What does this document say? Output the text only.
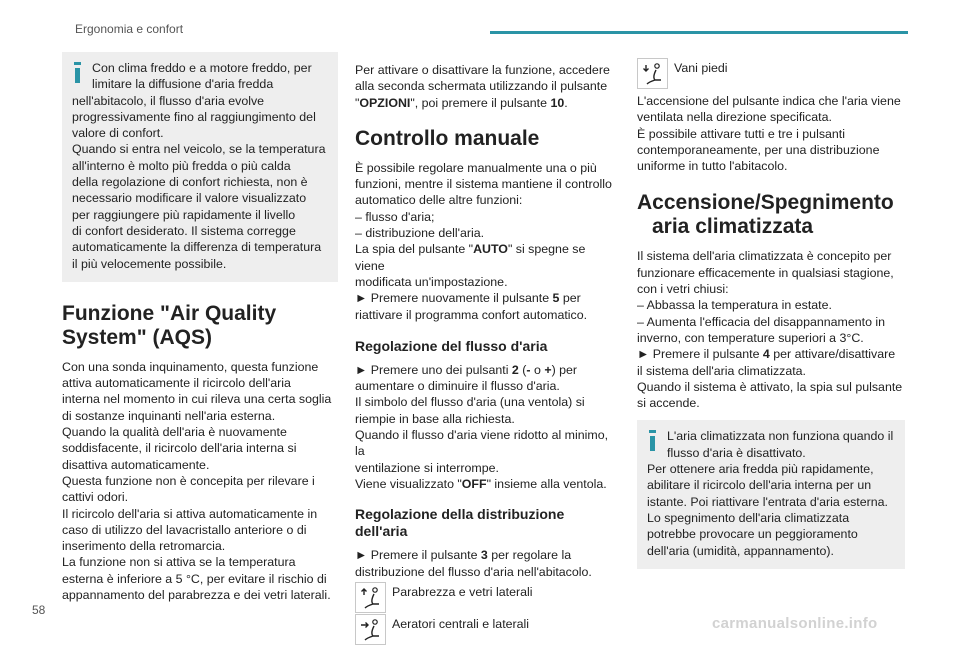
Ergonomia e confort

Con clima freddo e a motore freddo, per

limitare la diffusione d'aria fredda

nell'abitacolo, il flusso d'aria evolve

progressivamente fino al raggiungimento del

valore di confort.

Quando si entra nel veicolo, se la temperatura

all'interno è molto più fredda o più calda

della regolazione di confort richiesta, non è

necessario modificare il valore visualizzato

per raggiungere più rapidamente il livello

di confort desiderato. Il sistema corregge

automaticamente la differenza di temperatura

il più velocemente possibile.

Funzione "Air Quality System" (AQS)

Con una sonda inquinamento, questa funzione

attiva automaticamente il ricircolo dell'aria

interna nel momento in cui rileva una certa soglia

di sostanze inquinanti nell'aria esterna.

Quando la qualità dell'aria è nuovamente

soddisfacente, il ricircolo dell'aria interna si

disattiva automaticamente.

Questa funzione non è concepita per rilevare i

cattivi odori.

Il ricircolo dell'aria si attiva automaticamente in

caso di utilizzo del lavacristallo anteriore o di

inserimento della retromarcia.

La funzione non si attiva se la temperatura

esterna è inferiore a 5 °C, per evitare il rischio di

appannamento del parabrezza e dei vetri laterali.

Per attivare o disattivare la funzione, accedere

alla seconda schermata utilizzando il pulsante

"OPZIONI", poi premere il pulsante 10.

Controllo manuale

È possibile regolare manualmente una o più

funzioni, mentre il sistema mantiene il controllo

automatico delle altre funzioni:

– flusso d'aria;

– distribuzione dell'aria.

La spia del pulsante "AUTO" si spegne se viene

modificata un'impostazione.

► Premere nuovamente il pulsante 5 per

riattivare il programma confort automatico.

Regolazione del flusso d'aria

► Premere uno dei pulsanti 2 (- o +) per

aumentare o diminuire il flusso d'aria.

Il simbolo del flusso d'aria (una ventola) si

riempie in base alla richiesta.

Quando il flusso d'aria viene ridotto al minimo, la

ventilazione si interrompe.

Viene visualizzato "OFF" insieme alla ventola.

Regolazione della distribuzione
dell'aria

► Premere il pulsante 3 per regolare la

distribuzione del flusso d'aria nell'abitacolo.

Parabrezza e vetri laterali
Aeratori centrali e laterali
Vani piedi

L'accensione del pulsante indica che l'aria viene

ventilata nella direzione specificata.

È possibile attivare tutti e tre i pulsanti

contemporaneamente, per una distribuzione

uniforme in tutto l'abitacolo.

Accensione/Spegnimento
aria climatizzata

Il sistema dell'aria climatizzata è concepito per

funzionare efficacemente in qualsiasi stagione,

con i vetri chiusi:

– Abbassa la temperatura in estate.

– Aumenta l'efficacia del disappannamento in

inverno, con temperature superiori a 3°C.

► Premere il pulsante 4 per attivare/disattivare

il sistema dell'aria climatizzata.

Quando il sistema è attivato, la spia sul pulsante

si accende.

L'aria climatizzata non funziona quando il

flusso d'aria è disattivato.

Per ottenere aria fredda più rapidamente,

abilitare il ricircolo dell'aria interna per un

istante. Poi riattivare l'entrata d'aria esterna.

Lo spegnimento dell'aria climatizzata

potrebbe provocare un peggioramento

dell'aria (umidità, appannamento).

58
carmanualsonline.info
